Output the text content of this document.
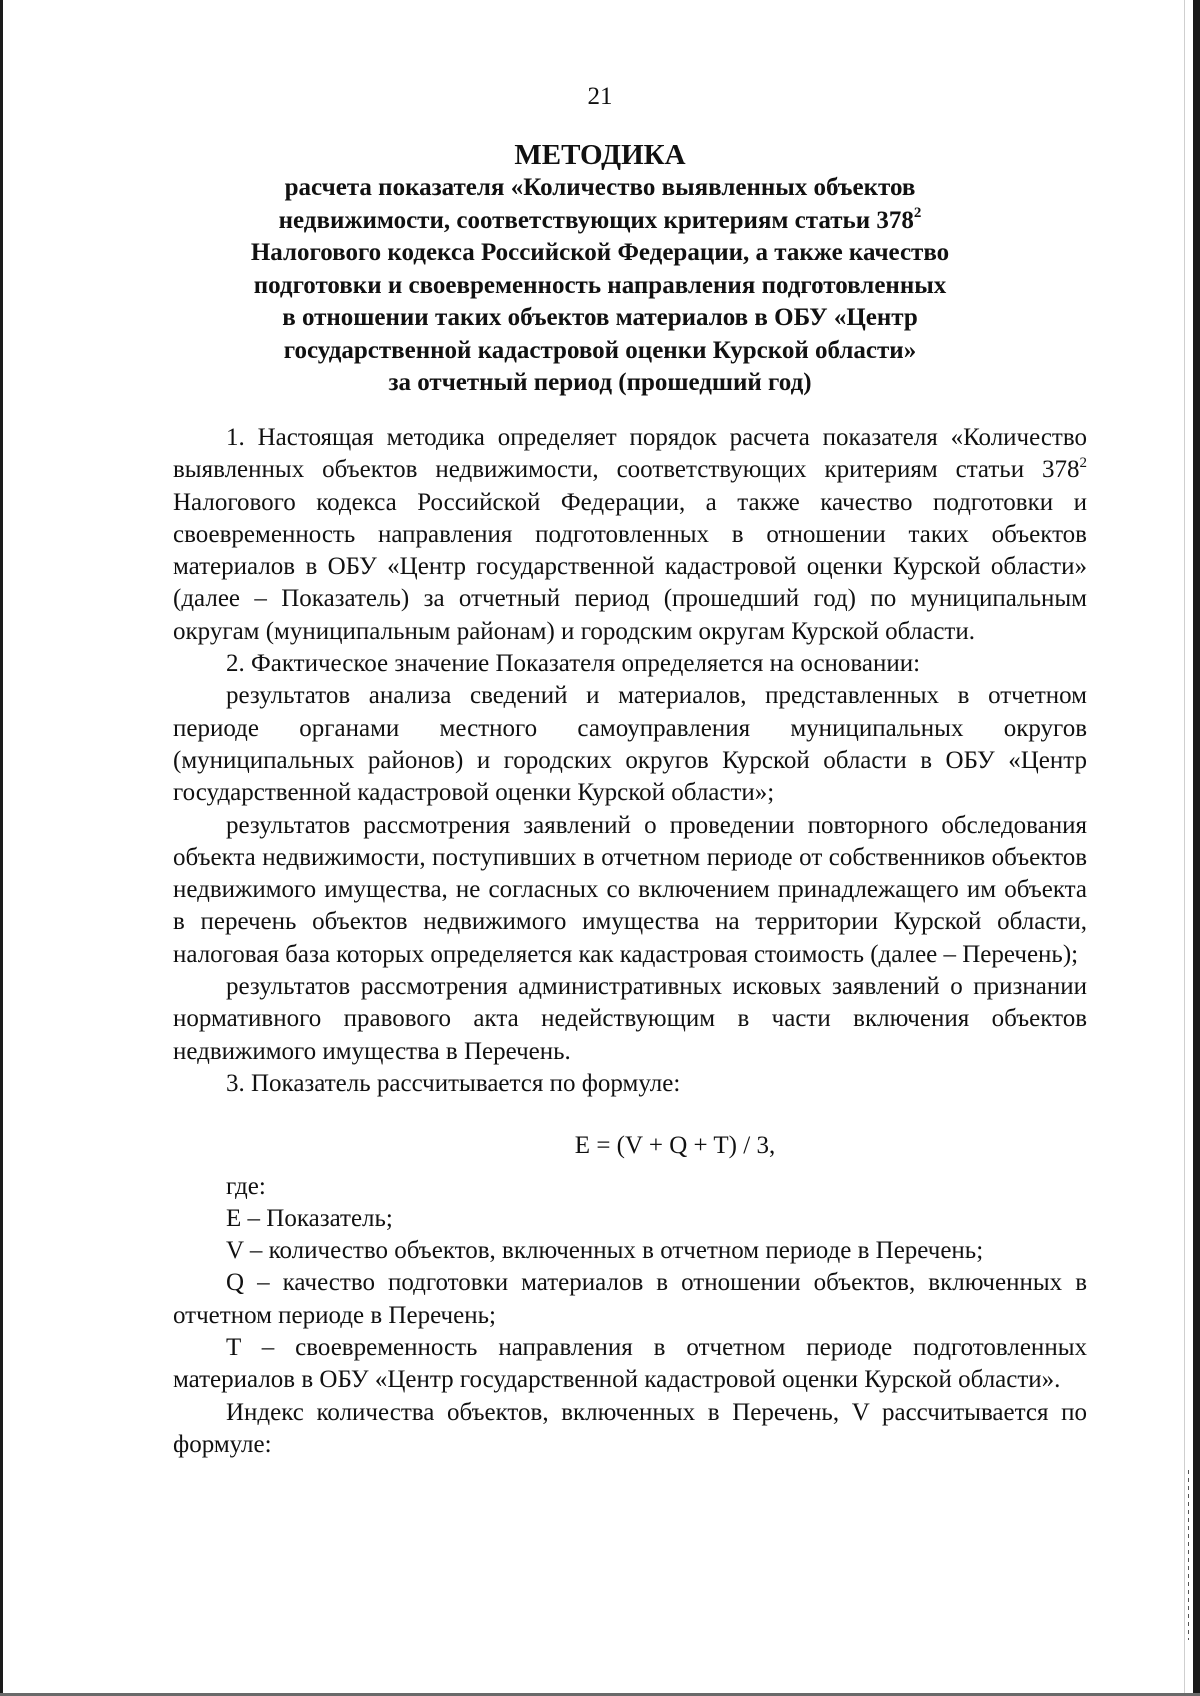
21
МЕТОДИКА
расчета показателя «Количество выявленных объектов
недвижимости, соответствующих критериям статьи $378^2$
Налогового кодекса Российской Федерации, а также качество
подготовки и своевременность направления подготовленных
в отношении таких объектов материалов в ОБУ «Центр
государственной кадастровой оценки Курской области»
за отчетный период (прошедший год)

1. Настоящая методика определяет порядок расчета показателя «Количество выявленных объектов недвижимости, соответствующих критериям статьи $378^2$ Налогового кодекса Российской Федерации, а также качество подготовки и своевременность направления подготовленных в отношении таких объектов материалов в ОБУ «Центр государственной кадастровой оценки Курской области» (далее – Показатель) за отчетный период (прошедший год) по муниципальным округам (муниципальным районам) и городским округам Курской области.

2. Фактическое значение Показателя определяется на основании:

результатов анализа сведений и материалов, представленных в отчетном периоде органами местного самоуправления муниципальных округов (муниципальных районов) и городских округов Курской области в ОБУ «Центр государственной кадастровой оценки Курской области»;

результатов рассмотрения заявлений о проведении повторного обследования объекта недвижимости, поступивших в отчетном периоде от собственников объектов недвижимого имущества, не согласных со включением принадлежащего им объекта в перечень объектов недвижимого имущества на территории Курской области, налоговая база которых определяется как кадастровая стоимость (далее – Перечень);

результатов рассмотрения административных исковых заявлений о признании нормативного правового акта недействующим в части включения объектов недвижимого имущества в Перечень.

3. Показатель рассчитывается по формуле:

E = (V + Q + T) / 3,

где:

E – Показатель;

V – количество объектов, включенных в отчетном периоде в Перечень;

Q – качество подготовки материалов в отношении объектов, включенных в отчетном периоде в Перечень;

T – своевременность направления в отчетном периоде подготовленных материалов в ОБУ «Центр государственной кадастровой оценки Курской области».

Индекс количества объектов, включенных в Перечень, V рассчитывается по формуле:
